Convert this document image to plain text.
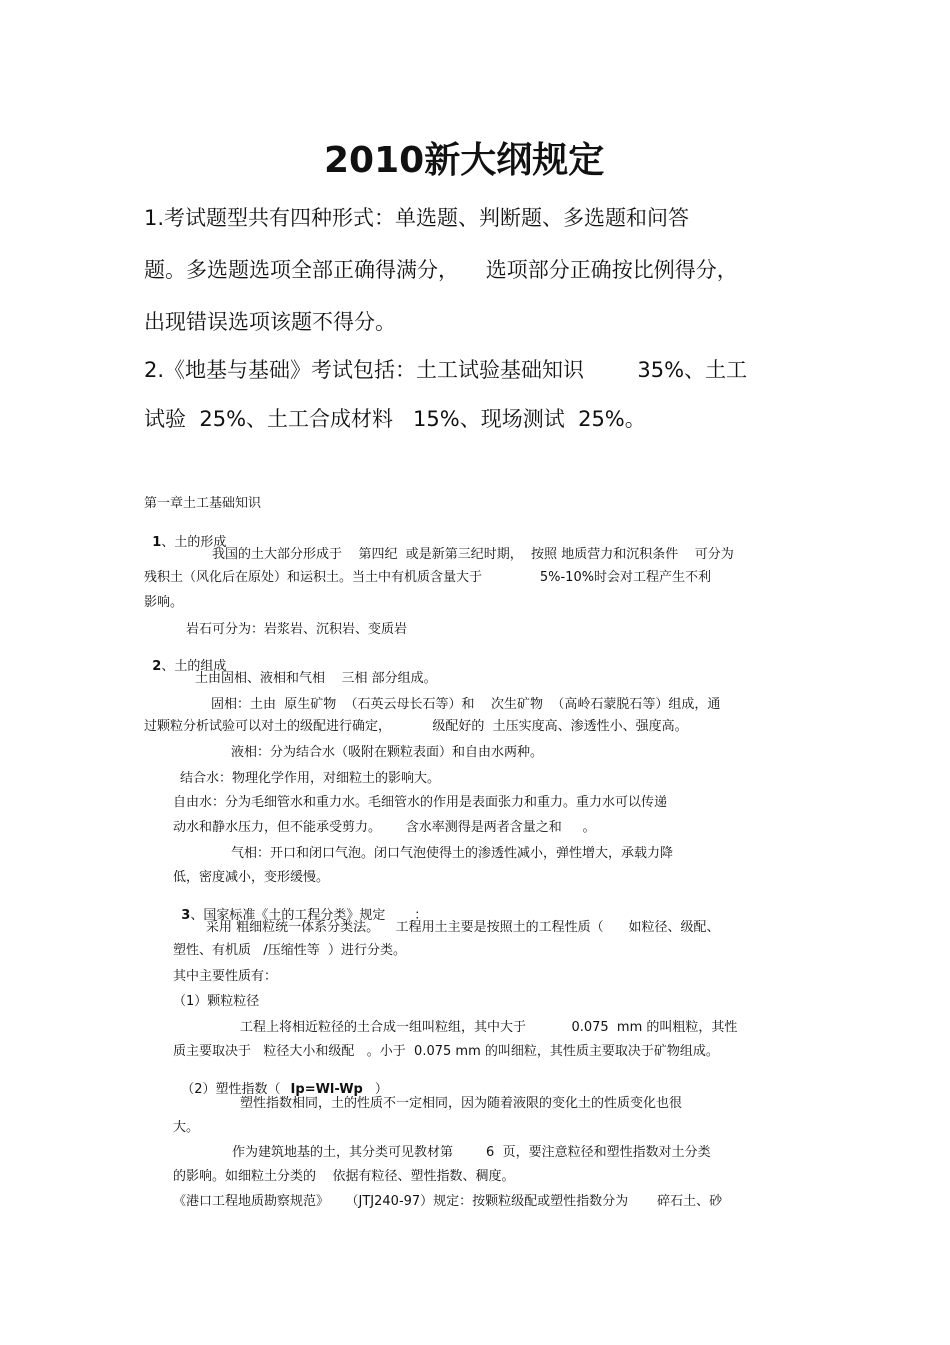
2010新大纲规定
1.考试题型共有四种形式：单选题、判断题、多选题和问答
题。多选题选项全部正确得满分，    选项部分正确按比例得分，
出现错误选项该题不得分。
2.《地基与基础》考试包括：土工试验基础知识        35%、土工
试验  25%、土工合成材料   15%、现场测试  25%。
第一章土工基础知识

1、土的形成

我国的土大部分形成于    第四纪  或是新第三纪时期，  按照 地质营力和沉积条件    可分为
残积土（风化后在原处）和运积土。当土中有机质含量大于              5%-10%时会对工程产生不利
影响。
岩石可分为：岩浆岩、沉积岩、变质岩

2、土的组成

土由固相、液相和气相    三相 部分组成。
固相：土由  原生矿物  （石英云母长石等）和    次生矿物  （高岭石蒙脱石等）组成，通
过颗粒分析试验可以对土的级配进行确定，          级配好的  土压实度高、渗透性小、强度高。
液相：分为结合水（吸附在颗粒表面）和自由水两种。
结合水：物理化学作用，对细粒土的影响大。
自由水：分为毛细管水和重力水。毛细管水的作用是表面张力和重力。重力水可以传递
动水和静水压力，但不能承受剪力。      含水率测得是两者含量之和     。
气相：开口和闭口气泡。闭口气泡使得土的渗透性减小，弹性增大，承载力降
低，密度减小，变形缓慢。

3、国家标准《土的工程分类》规定       ：

采用 粗细粒统一体系分类法。    工程用土主要是按照土的工程性质（      如粒径、级配、
塑性、有机质   /压缩性等  ）进行分类。
其中主要性质有：
（1）颗粒粒径
工程上将相近粒径的土合成一组叫粒组，其中大于           0.075  mm 的叫粗粒，其性
质主要取决于   粒径大小和级配   。小于  0.075 mm 的叫细粒，其性质主要取决于矿物组成。

（2）塑性指数（ Ip=Wl-Wp ）

塑性指数相同，土的性质不一定相同，因为随着液限的变化土的性质变化也很
大。
作为建筑地基的土，其分类可见教材第        6  页，要注意粒径和塑性指数对土分类
的影响。如细粒土分类的    依据有粒径、塑性指数、稠度。
《港口工程地质勘察规范》    （JTJ240-97）规定：按颗粒级配或塑性指数分为       碎石土、砂
